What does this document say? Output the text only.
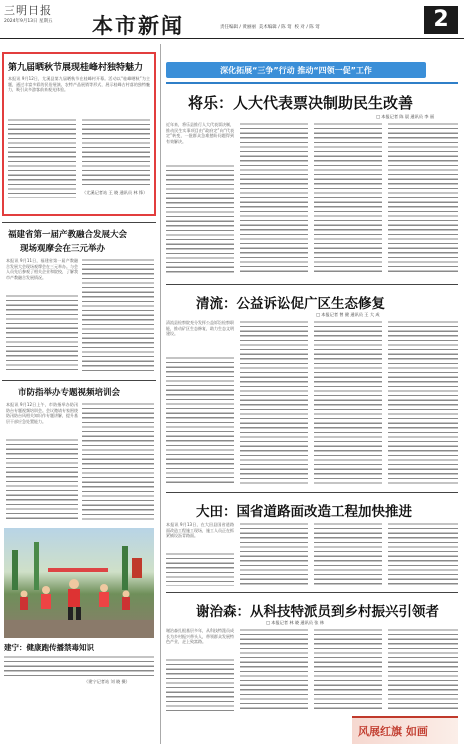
三明日报
2024年9月13日 星期五 本市新闻	责任编辑 / 黄丽丽 美术编辑 / 陈 莺 校 对 / 陈 莺	2
第九届晒秋节展现桂峰村独特魅力
本报讯 9月12日，尤溪县第九届晒秋节在桂峰村开幕。活动以“桂峰晒秋”为主题，通过丰富多彩的民俗展演、农特产品展销等形式，展示桂峰古村落的独特魅力，吸引众多游客前来观光体验。
（尤溪记者站 王 晓 通讯员 林 锋）
福建省第一届产教融合发展大会
现场观摩会在三元举办
本报讯 9月11日，福建省第一届产教融合发展大会现场观摩会在三元举办。与会人员先后参观了相关企业和院校，了解我市产教融合发展情况。
市防指举办专题视频培训会
本报讯 9月12日上午，市防指举办防汛防台专题视频培训会。会议邀请专家围绕防汛防台风相关知识作专题讲解，提升基层干部应急处置能力。
建宁：健康跑传播禁毒知识
（建宁记者站 刘 晓 摄）
深化拓展“三争”行动 推动“四领一促”工作
将乐：人大代表票决制助民生改善
□ 本报记者 陈 晨 通讯员 李 丽
近年来，将乐县推行人大代表票决制，推动民生实事项目由“政府定”向“代表定”转变，一批群众急难愁盼问题得到有效解决。
清流：公益诉讼促广区生态修复
□ 本报记者 曾 健 通讯员 王 大 成
清流县检察院充分发挥公益诉讼检察职能，推动矿区生态修复，助力生态文明建设。
大田：国省道路面改造工程加快推进
本报讯 9月13日，在大田县国省道路面改造工程施工现场，施工人员正在抓紧铺设沥青路面。
谢治森：从科技特派员到乡村振兴引领者
□ 本报记者 林 晓 通讯员 张 林
谢治森扎根基层多年，从科技特派员成长为乡村振兴带头人，带领群众发展特色产业，走上致富路。
风展红旗 如画
